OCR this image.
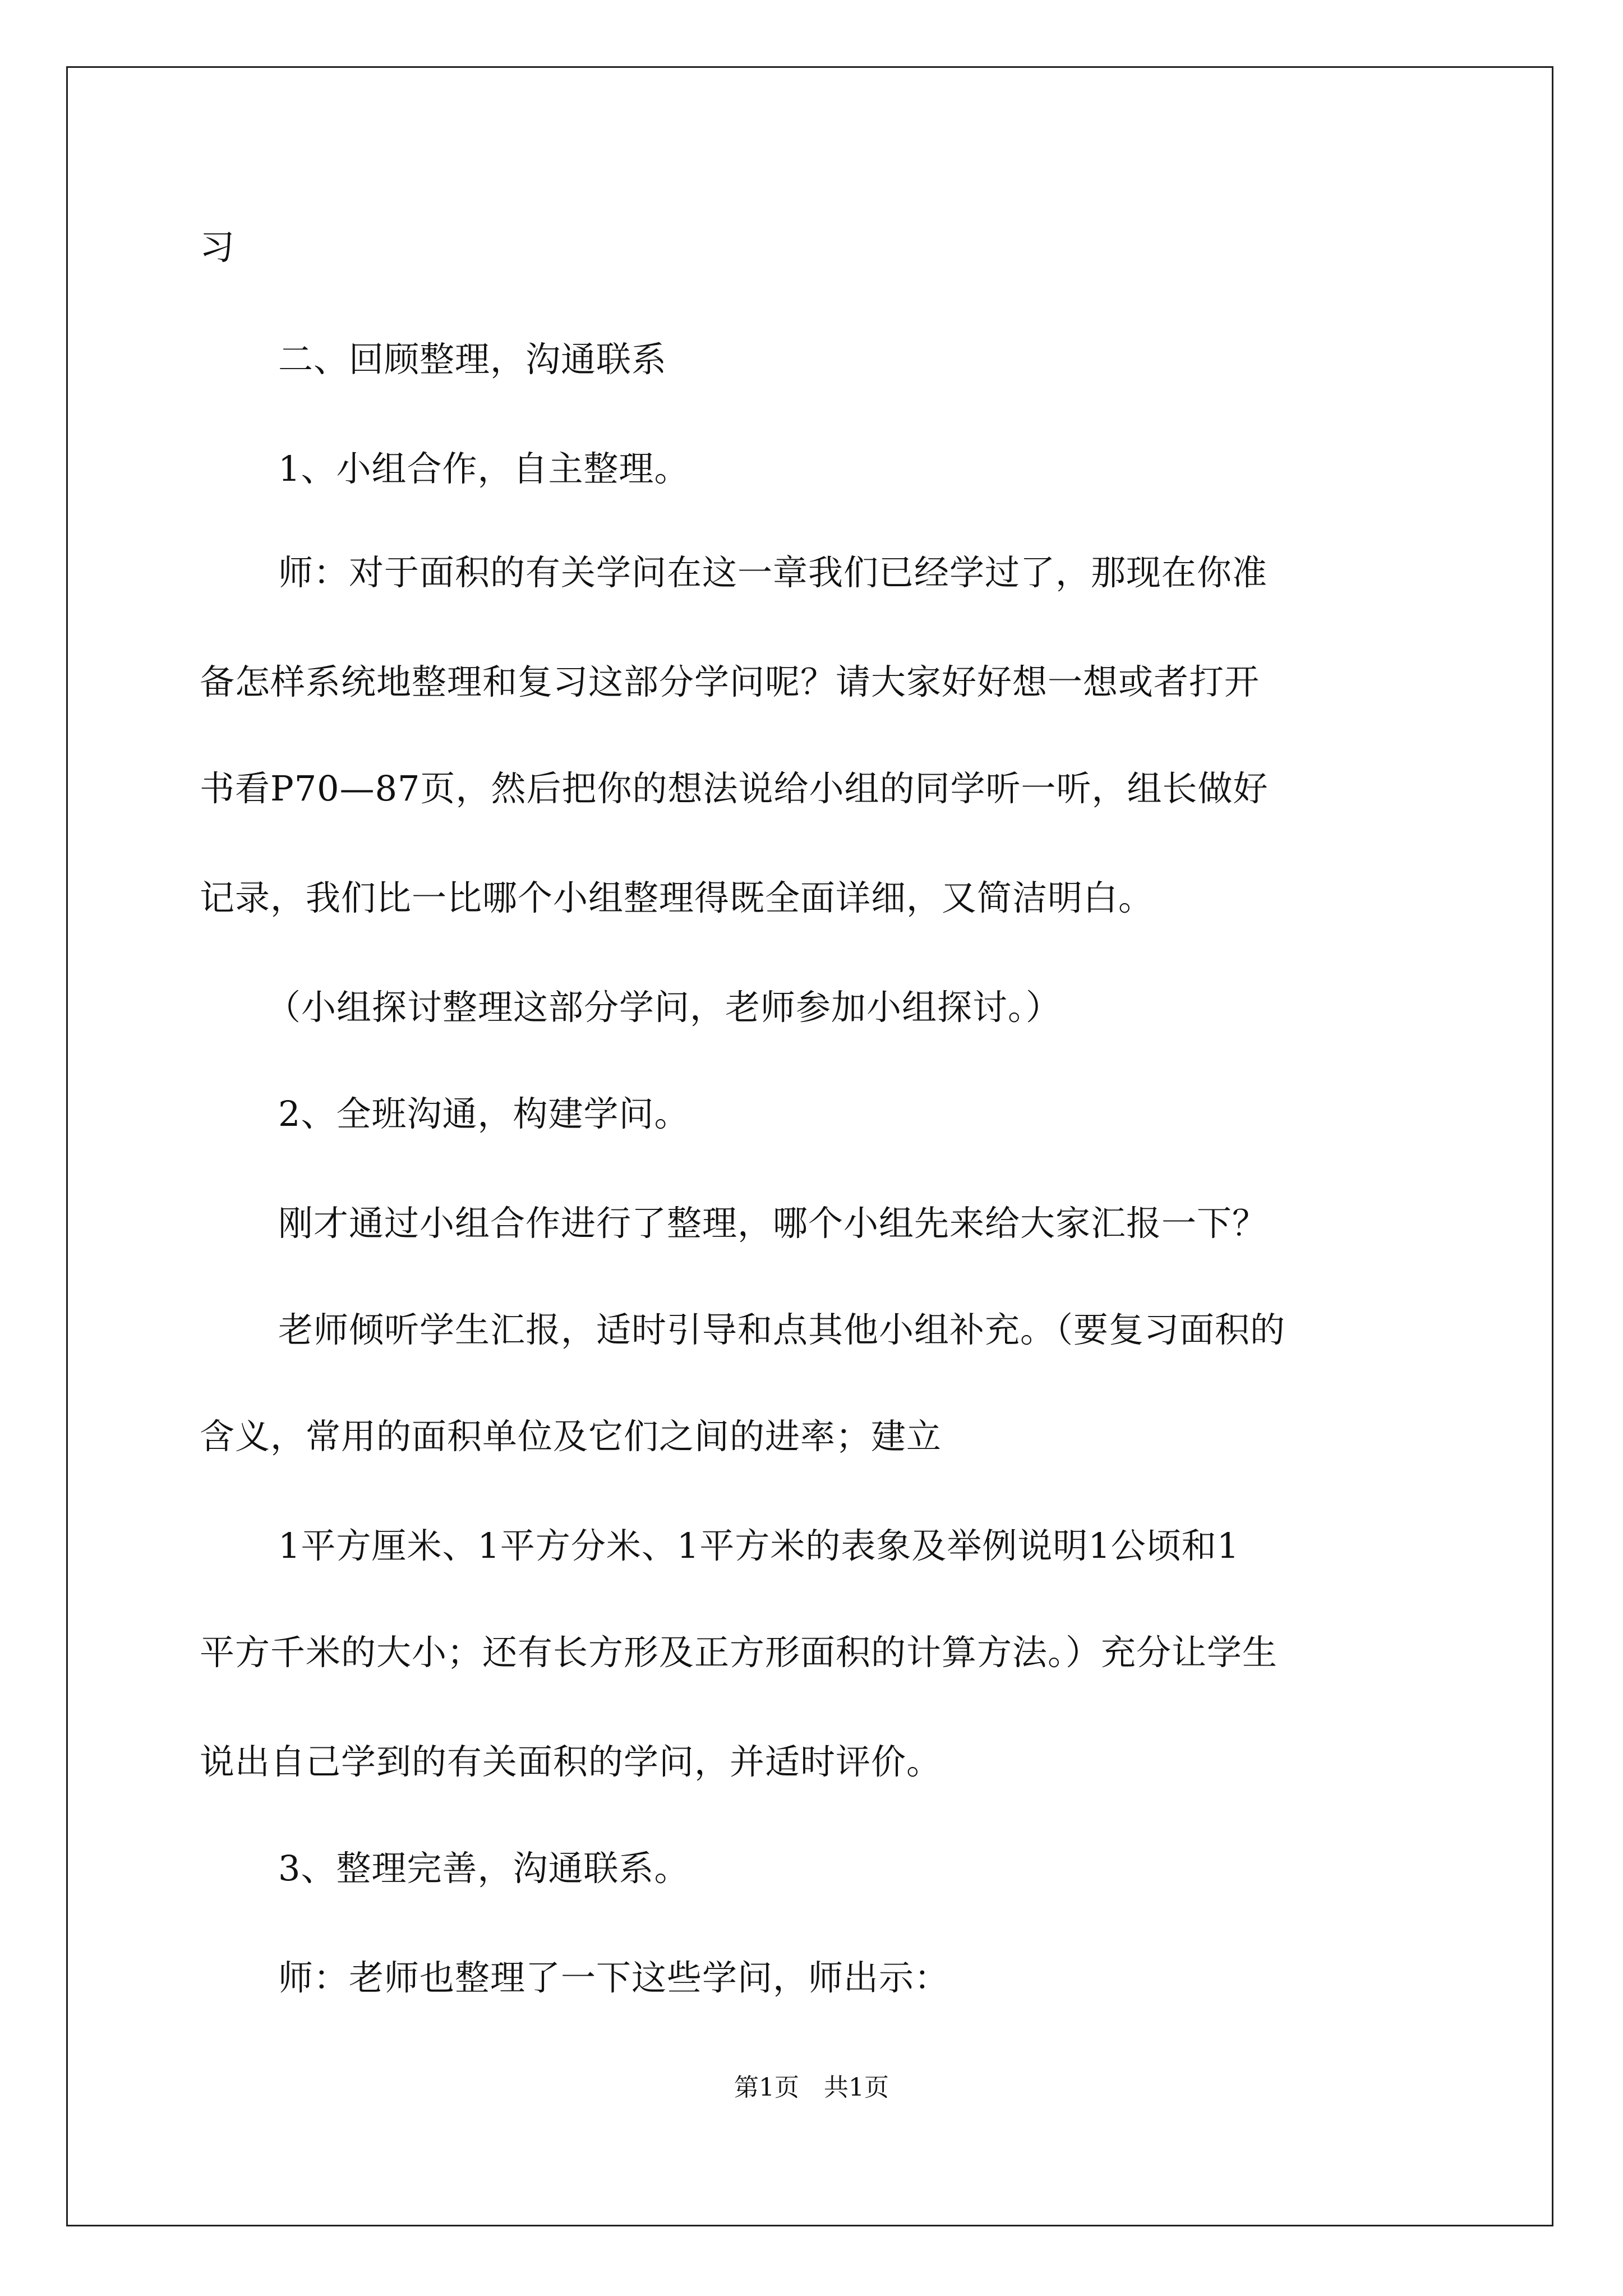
习
二、回顾整理，沟通联系
1、小组合作，自主整理。
师：对于面积的有关学问在这一章我们已经学过了，那现在你准
备怎样系统地整理和复习这部分学问呢？请大家好好想一想或者打开
书看P70—87页，然后把你的想法说给小组的同学听一听，组长做好
记录，我们比一比哪个小组整理得既全面详细，又简洁明白。
（小组探讨整理这部分学问，老师参加小组探讨。）
2、全班沟通，构建学问。
刚才通过小组合作进行了整理，哪个小组先来给大家汇报一下？
老师倾听学生汇报，适时引导和点其他小组补充。（要复习面积的
含义，常用的面积单位及它们之间的进率；建立
1平方厘米、1平方分米、1平方米的表象及举例说明1公顷和1
平方千米的大小；还有长方形及正方形面积的计算方法。）充分让学生
说出自己学到的有关面积的学问，并适时评价。
3、整理完善，沟通联系。
师：老师也整理了一下这些学问，师出示：
第1页　共1页
